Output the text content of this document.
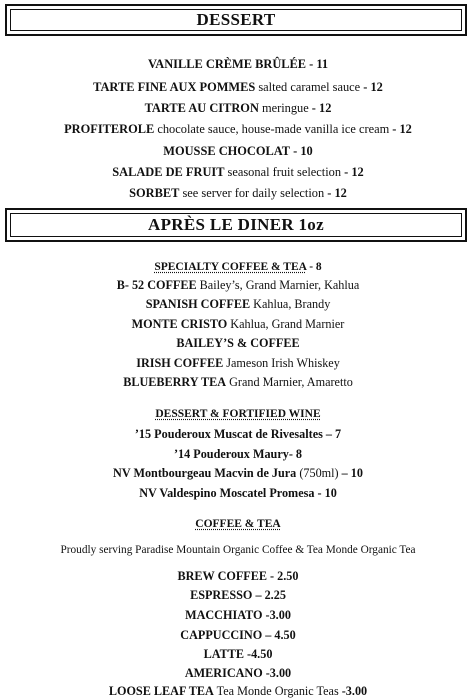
DESSERT
VANILLE CRÈME BRÛLÉE - 11
TARTE FINE AUX POMMES salted caramel sauce - 12
TARTE AU CITRON meringue - 12
PROFITEROLE chocolate sauce, house-made vanilla ice cream - 12
MOUSSE CHOCOLAT - 10
SALADE DE FRUIT seasonal fruit selection - 12
SORBET see server for daily selection - 12
APRÈS LE DINER 1oz
SPECIALTY COFFEE & TEA - 8
B- 52 COFFEE Bailey’s, Grand Marnier, Kahlua
SPANISH COFFEE Kahlua, Brandy
MONTE CRISTO Kahlua, Grand Marnier
BAILEY’S & COFFEE
IRISH COFFEE Jameson Irish Whiskey
BLUEBERRY TEA Grand Marnier, Amaretto
DESSERT & FORTIFIED WINE
’15 Pouderoux Muscat de Rivesaltes – 7
’14 Pouderoux Maury- 8
NV Montbourgeau Macvin de Jura (750ml) – 10
NV Valdespino Moscatel Promesa - 10
COFFEE & TEA
Proudly serving Paradise Mountain Organic Coffee & Tea Monde Organic Tea
BREW COFFEE - 2.50
ESPRESSO – 2.25
MACCHIATO -3.00
CAPPUCCINO – 4.50
LATTE -4.50
AMERICANO -3.00
LOOSE LEAF TEA Tea Monde Organic Teas -3.00
